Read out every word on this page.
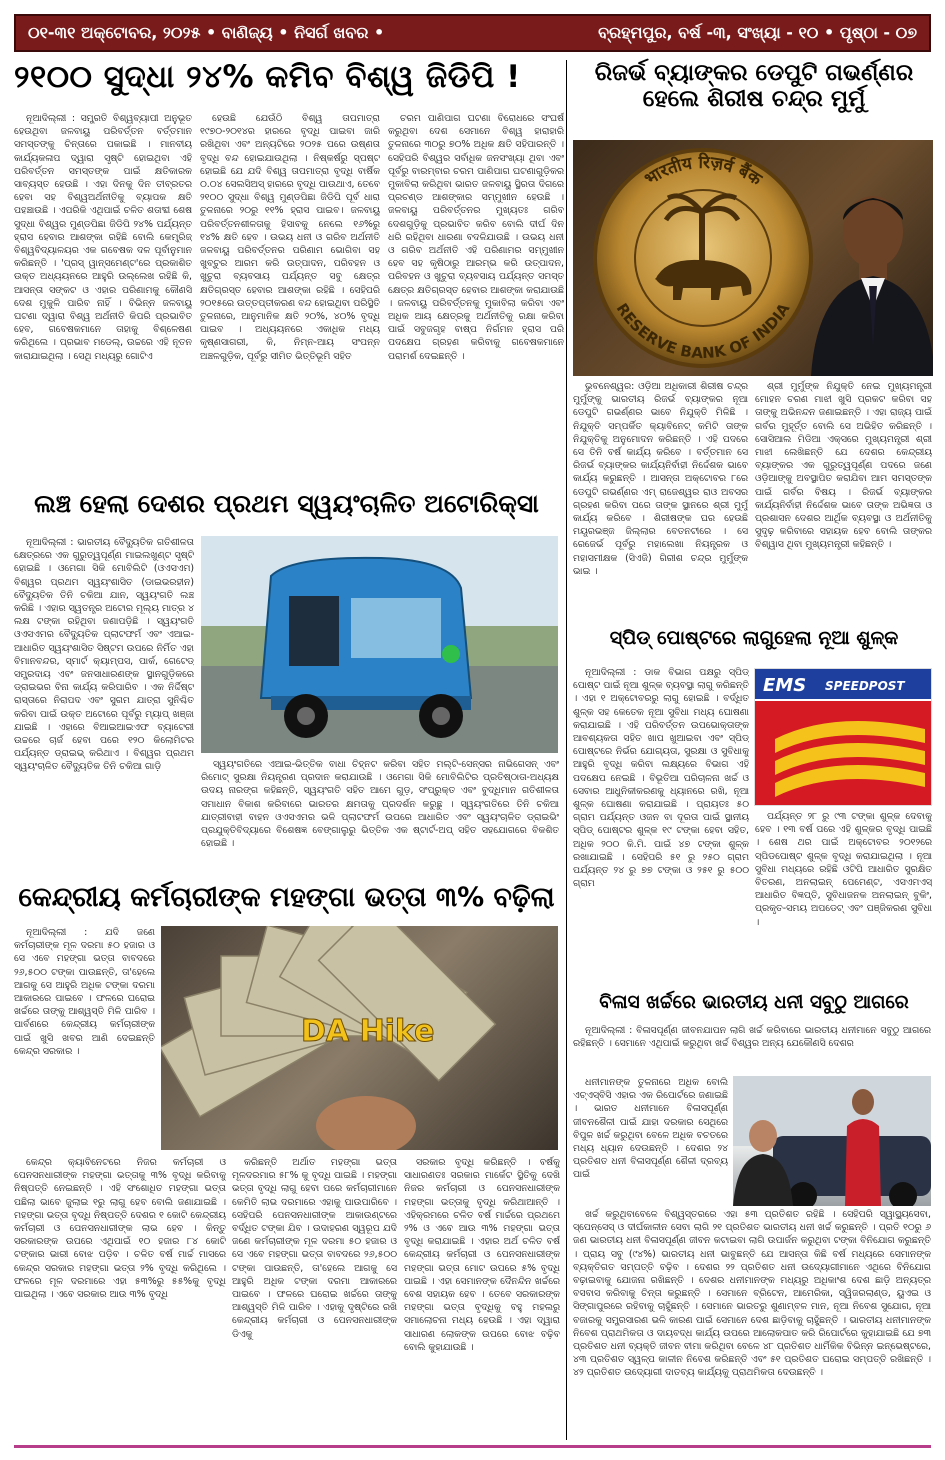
୦୧-୩୧ ଅକ୍ଟୋବର, ୨୦୨୫ • ବାଣିଜ୍ୟ • ନିସର୍ଗ ଖବର •	ବ୍ରହ୍ମପୁର, ବର୍ଷ -୩, ସଂଖ୍ୟା - ୧୦ • ପୃଷ୍ଠା - ୦୭
୨୧୦୦ ସୁଦ୍ଧା ୨୪% କମିବ ବିଶ୍ୱ ଜିଡିପି !

ନୂଆଦିଲ୍ଲୀ : ସମ୍ପ୍ରତି ବିଶ୍ୱବ୍ୟାପୀ ଅନୁଭୂତ ହେଉଥିବା ଜଳବାୟୁ ପରିବର୍ତ୍ତନ ବର୍ତ୍ତମାନ ସମସ୍ତଙ୍କୁ ଚିନ୍ତାରେ ପକାଇଛି । ମାନବୀୟ କାର୍ଯ୍ୟକଳାପ ଦ୍ୱାରା ସୃଷ୍ଟି ହୋଇଥିବା ଏହି ପରିବର୍ତ୍ତନ ସମସ୍ତଙ୍କ ପାଇଁ କ୍ଷତିକାରକ ସାବ୍ୟସ୍ତ ହେଉଛି । ଏହା ଦିନକୁ ଦିନ ତୀବ୍ରତର ହେବା ସହ ବିଶ୍ୱଅର୍ଥନୀତିକୁ ବ୍ୟାପକ କ୍ଷତି ପହଞ୍ଚାଉଛି । ଏପରିକି ଏଥିପାଇଁ ଚଳିତ ଶତାବ୍ଦୀ ଶେଷ ସୁଦ୍ଧା ବିଶ୍ୱର ମୁଣ୍ଡପିଛା ଜିଡିପି ୨୪% ପର୍ଯ୍ୟନ୍ତ ହ୍ରାସ ହେବାର ଆଶଙ୍କା ରହିଛି ବୋଲି କେମ୍ବ୍ରିଜ୍ ବିଶ୍ୱବିଦ୍ୟାଳୟର ଏକ ଗବେଷକ ଦଳ ପୂର୍ବାନୁମାନ କରିଛନ୍ତି । 'ପ୍ରସ୍ ୱାନ୍ସମେଣ୍ଟ'ରେ ପ୍ରକାଶିତ ଉକ୍ତ ଅଧ୍ୟୟନରେ ଆହୁରି ଉଲ୍ଲେଖ ରହିଛି କି, ଆସନ୍ତା ସଙ୍କଟ ଓ ଏହାର ପରିଣାମକୁ କୌଣସି ଦେଶ ମୁକୁଳି ପାରିବ ନାହିଁ । ବିଭିନ୍ନ ଜଳବାୟୁ ଘଟଣା ଦ୍ୱାରା ବିଶ୍ୱ ଅର୍ଥନୀତି କିପରି ପ୍ରଭାବିତ ହେବ, ଗବେଷକମାନେ ତାହାକୁ ବିଶ୍ଳେଷଣ କରିଥିଲେ । ପ୍ରଭାବ ମଡେଲ୍, ଉଚ୍ଚରେ ଏହି ନୂତନ କାରାଯାଇଥିଲା । ସେଥି ମଧ୍ୟରୁ ଗୋଟିଏ

ହେଉଛି ଯେଉଁଠି ବିଶ୍ୱ ତାପମାତ୍ରା ୧୯୭୦-୨୦୧୪ର ହାରରେ ବୃଦ୍ଧି ପାଇବା ଜାରି ରଖିଥିବା ଏବଂ ଅନ୍ୟଟିରେ ୨୦୨୫ ପରେ ଉଷ୍ଣତା ବୃଦ୍ଧି ବନ୍ଦ ହୋଇଯାଉଥିଲା । ନିଷ୍କର୍ଷରୁ ସ୍ପଷ୍ଟ ହୋଇଛି ଯେ ଯଦି ବିଶ୍ୱ ତାପମାତ୍ରା ବୃଦ୍ଧି ବାର୍ଷିକ ୦.୦୪ ସେଲସିଅସ୍ ହାରରେ ବୃଦ୍ଧି ପାଉଥାଏ, ତେବେ ୨୧୦୦ ସୁଦ୍ଧା ବିଶ୍ୱ ମୁଣ୍ଡପିଛା ଜିଡିପି ପୂର୍ବ ଧାରା ତୁଳନାରେ ୨୦ରୁ ୧୧% ହ୍ରାସ ପାଇବ। ଜଳବାୟୁ ପରିବର୍ତ୍ତନଶୀଳତାକୁ ହିସାବକୁ ନେଲେ ୧୬%ରୁ ୧୪% କ୍ଷତି ହେବ । ଉଭୟ ଧନୀ ଓ ଗରିବ ଅର୍ଥନୀତି ଜଳବାୟୁ ପରିବର୍ତ୍ତନର ପରିଣାମ ଭୋଗିବା ସହ ଖୁବ୍ଚୁର ଆରମ କରି ଉତ୍ପାଦନ, ପରିବହନ ଓ ଖୁଚୁରା ବ୍ୟବସାୟ ପର୍ଯ୍ୟନ୍ତ ସବୁ କ୍ଷେତ୍ର କ୍ଷତିଗ୍ରସ୍ତ ହେବାର ଆଶଙ୍କା ରହିଛି । ସେହିପରି ୨୦୧୫ରେ ଉତ୍ତପ୍ତୀକରଣ ବନ୍ଦ ହୋଇଥିବା ପରିସ୍ଥିତି ତୁଳନାରେ, ଆନୁମାନିକ କ୍ଷତି ୨୦%, ୪୦% ବୃଦ୍ଧି ପାଇବ । ଅଧ୍ୟୟନରେ ଏକାଧିକ ମଧ୍ୟ କୃଷ୍ଣସାଗରୀ, କି, ନିମ୍ନ-ଆୟ ସଂପନ୍ନ ଅଞ୍ଚଳଗୁଡ଼ିକ, ପୂର୍ବରୁ ସୀମିତ ଭିତ୍ତିଭୂମି ସହିତ

ଚରମ ପାଣିପାଗ ଘଟଣା ବିରୋଧରେ ସଂଘର୍ଷ କରୁଥିବା ଦେଶ ସେମାନେ ବିଶ୍ୱ ହାରାହାରି ତୁଳନାରେ ୩୦ରୁ ୭୦% ଅଧିକ କ୍ଷତି ସହିପାରନ୍ତି । ସେହିପରି ବିଶ୍ୱର ସର୍ବାଧିକ ଜନସଂଖ୍ୟା ଥିବା ଏବଂ ପୂର୍ବରୁ ବାରମ୍ବାର ଚରମ ପାଣିପାଗ ଘଟଣାଗୁଡ଼ିକର ମୁକାବିଲା କରିଥିବା ଭାରତ ଜଳବାୟୁ ସ୍ଥିରତା ଦିଗରେ ପ୍ରଚଣ୍ଡ ଆଶଙ୍କାର ସମ୍ମୁଖୀନ ହେଉଛି । ଜଳବାୟୁ ପରିବର୍ତ୍ତନର ମୁଖ୍ୟତଃ ଗରିବ ଦେଶଗୁଡ଼ିକୁ ପ୍ରଭାବିତ କରିବ ବୋଲି ଦୀର୍ଘ ଦିନ ଧରି ରହିଥିବା ଧାରଣା ବଦଳିଯାଉଛି । ଉଭୟ ଧନୀ ଓ ଗରିବ ଅର୍ଥନୀତି ଏହି ପରିଣାମର ସମ୍ମୁଖୀନ ହେବ ସହ କୃଷିଠାରୁ ଆରମ୍ଭ କରି ଉତ୍ପାଦନ, ପରିବହନ ଓ ଖୁଚୁରା ବ୍ୟବସାୟ ପର୍ଯ୍ୟନ୍ତ ସମସ୍ତ କ୍ଷେତ୍ର କ୍ଷତିଗ୍ରସ୍ତ ହେବାର ଆଶଙ୍କା କରାଯାଉଛି । ଜଳବାୟୁ ପରିବର୍ତ୍ତନକୁ ମୁକାବିଲା କରିବା ଏବଂ ଅଧିକ ଆୟ କ୍ଷେତ୍ରକୁ ଅର୍ଥନୀତିକୁ ରକ୍ଷା କରିବା ପାଇଁ ସବୁଜଗୃହ ବାଷ୍ପ ନିର୍ଗମନ ହ୍ରାସ ପରି ପଦକ୍ଷେପ ଗ୍ରହଣ କରିବାକୁ ଗବେଷକମାନେ ପରାମର୍ଶ ଦେଇଛନ୍ତି ।

ରିଜର୍ଭ ବ୍ୟାଙ୍କର ଡେପୁଟି ଗଭର୍ଣ୍ଣର ହେଲେ ଶିରୀଷ ଚନ୍ଦ୍ର ମୁର୍ମୁ
भारतीय रिज़र्व बैंक
RESERVE BANK OF INDIA

ଭୁବନେଶ୍ୱର: ଓଡ଼ିଆ ଅଧିକାରୀ ଶିରୀଷ ଚନ୍ଦ୍ର ମୁର୍ମୁଙ୍କୁ ଭାରତୀୟ ରିଜର୍ଭ ବ୍ୟାଙ୍କର ନୂଆ ଡେପୁଟି ଗଭର୍ଣ୍ଣର ଭାବେ ନିଯୁକ୍ତି ମିଳିଛି । ନିଯୁକ୍ତି ସମ୍ପର୍କିତ କ୍ୟାବିନେଟ୍ କମିଟି ତାଙ୍କ ନିଯୁକ୍ତିକୁ ଅନୁମୋଦନ କରିଛନ୍ତି । ଏହି ପଦରେ ସେ ତିନି ବର୍ଷ କାର୍ଯ୍ୟ କରିବେ । ବର୍ତ୍ତମାନ ସେ ରିଜର୍ଭ ବ୍ୟାଙ୍କର କାର୍ଯ୍ୟନିର୍ବାହୀ ନିର୍ଦ୍ଦେଶକ ଭାବେ କାର୍ଯ୍ୟ କରୁଛନ୍ତି । ଆସନ୍ତା ଅକ୍ଟୋବର ୮ରେ ଡେପୁଟି ଗଭର୍ଣ୍ଣର ଏମ୍ ରାଜେଶ୍ୱର ରାଓ ଅବସର ଗ୍ରହଣ କରିବା ପରେ ତାଙ୍କ ସ୍ଥାନରେ ଶ୍ରୀ ମୁର୍ମୁ କାର୍ଯ୍ୟ କରିବେ । ଶିରୀଷଙ୍କ ଘର ହେଉଛି ମୟୂରଭଞ୍ଜ ଜିଲ୍ଲାର ବେତନଟୀରେ । ସେ ରେଜେର୍ଭ ପୂର୍ବରୁ ମହାଲେଖା ନିୟନ୍ତ୍ରକ ଓ ମହାସମୀକ୍ଷକ (ସିଏଜି) ଗିରୀଶ ଚନ୍ଦ୍ର ମୁର୍ମୁଙ୍କ ଭାଇ ।

ଶ୍ରୀ ମୁର୍ମୁଙ୍କ ନିଯୁକ୍ତି ନେଇ ମୁଖ୍ୟମନ୍ତ୍ରୀ ମୋହନ ଚରଣ ମାଝୀ ଖୁସି ପ୍ରକଟ କରିବା ସହ ତାଙ୍କୁ ଅଭିନନ୍ଦନ ଜଣାଇଛନ୍ତି । ଏହା ରାଜ୍ୟ ପାଇଁ ଗର୍ବର ମୁହୂର୍ତ୍ତ ବୋଲି ସେ ଅଭିହିତ କରିଛନ୍ତି । ସୋସିଆଲ ମିଡିଆ ଏକ୍ସରେ ମୁଖ୍ୟମନ୍ତ୍ରୀ ଶ୍ରୀ ମାଝୀ ଲେଖିଛନ୍ତି ଯେ ଦେଶର କେନ୍ଦ୍ରୀୟ ବ୍ୟାଙ୍କର ଏକ ଗୁରୁତ୍ୱପୂର୍ଣ୍ଣ ପଦରେ ଜଣେ ଓଡ଼ିଆଙ୍କୁ ଅବସ୍ଥାପିତ କରାଯିବା ଆମ ସମସ୍ତଙ୍କ ପାଇଁ ଗର୍ବର ବିଷୟ । ରିଜର୍ଭ ବ୍ୟାଙ୍କର କାର୍ଯ୍ୟନିର୍ବାହୀ ନିର୍ଦ୍ଦେଶକ ଭାବେ ତାଙ୍କ ଅଭିଜ୍ଞତା ଓ ପ୍ରଶାସନ ଦେଶର ଆର୍ଥିକ ବ୍ୟବସ୍ଥା ଓ ଅର୍ଥନୀତିକୁ ସୁଦୃଢ଼ କରିବାରେ ସହାୟକ ହେବ ବୋଲି ତାଙ୍କର ବିଶ୍ୱାସ ଥିବା ମୁଖ୍ୟମନ୍ତ୍ରୀ କହିଛନ୍ତି ।

ଲଞ୍ଚ ହେଲା ଦେଶର ପ୍ରଥମ ସ୍ୱୟଂଚାଳିତ ଅଟୋରିକ୍ସା

ନୂଆଦିଲ୍ଲୀ : ଭାରତୀୟ ବୈଦ୍ୟୁତିକ ଗତିଶୀଳତା କ୍ଷେତ୍ରରେ ଏକ ଗୁରୁତ୍ୱପୂର୍ଣ୍ଣ ମାଇଲଖୁଣ୍ଟ ସୃଷ୍ଟି ହୋଇଛି । ଓମେଗା ସିକି ମୋବିଲିଟି (ଓଏସଏମ) ବିଶ୍ୱର ପ୍ରଥମ ସ୍ୱୟଂଶାସିତ (ଡାଇଭରହୀନ) ବୈଦ୍ୟୁତିକ ତିନି ଚକିଆ ଯାନ, ସ୍ୱୟଂଗତି ଲଞ୍ଚ କରିଛି । ଏହାର ସ୍ୱତନ୍ତ୍ର ଅଟୋର ମୂଲ୍ୟ ମାତ୍ର ୪ ଲକ୍ଷ ଟଙ୍କା ରହିଥିବା ଜଣାପଡ଼ିଛି । ସ୍ୱୟଂଗତି ଓଏସଏମର ବୈଦ୍ୟୁତିକ ପ୍ଲାଟଫର୍ମ ଏବଂ ଏଆଇ-ଆଧାରିତ ସ୍ୱୟଂଶାସିତ ସିଷ୍ଟମ ଉପରେ ନିର୍ମିତ ଏହା ବିମାନବନ୍ଦର, ସ୍ମାର୍ଟ କ୍ୟାମ୍ପସ, ପାର୍କ, ଗେଟେଡ୍ ସମ୍ପ୍ରଦାୟ ଏବଂ ଜନସାଧାରଣଙ୍କ ସ୍ଥାନଗୁଡ଼ିକରେ ଡ୍ରାଇଭର ବିନା କାର୍ଯ୍ୟ କରିପାରିବ । ଏକ ନିର୍ଦ୍ଦିଷ୍ଟ ରାସ୍ତାରେ ନିରାପଦ ଏବଂ ସୁଗମ ଯାତ୍ରା ସୁନିଶ୍ଚିତ କରିବା ପାଇଁ ଉକ୍ତ ଅଟୋରେ ପୂର୍ବରୁ ମ୍ୟାପ୍ ଖଞ୍ଜା ଯାଇଛି । ଏହାରେ ବିଆଇଆଇଏଫ ବ୍ୟାଟେରୀ ଉଚ୍ଚରେ ଚାର୍ଜ ହେବା ପରେ ୧୨୦ କିଲୋମିଟର ପର୍ଯ୍ୟନ୍ତ ଡ୍ରାଇଭ୍ କରିଥାଏ । ବିଶ୍ୱର ପ୍ରଥମ ସ୍ୱୟଂଚାଳିତ ବୈଦ୍ୟୁତିକ ତିନି ଚକିଆ ଗାଡ଼ି	ସ୍ୱୟଂଗତିରେ ଏଆଇ-ଭିତ୍ତିକ ବାଧା ଚିହ୍ନଟ କରିବା ସହିତ ମଲ୍ଟି-ସେନ୍ସର ନାଭିଗେସନ୍ ଏବଂ ରିମୋଟ୍ ସୁରକ୍ଷା ନିୟନ୍ତ୍ରଣ ପ୍ରଦାନ କରାଯାଉଛି । ଓମେଗା ସିକି ମୋବିଲିଟିର ପ୍ରତିଷ୍ଠାତା-ଅଧ୍ୟକ୍ଷ ଉଦୟ ନାରଙ୍ଗ କହିଛନ୍ତି, ସ୍ୱୟଂଗତି ସହିତ ଆମେ ଗୁଡ଼, ସଂପ୍ରୁକ୍ତ ଏବଂ ବୁଦ୍ଧିମାନ ଗତିଶୀଳତା ସମାଧାନ ବିକାଶ କରିବାରେ ଭାରତର କ୍ଷମତାକୁ ପ୍ରଦର୍ଶନ କରୁଛୁ । ସ୍ୱୟଂଗତିରେ ତିନି ଚକିଆ ଯାତ୍ରୀବାହୀ ବାହନ ଓଏସଏମର ଭଳି ପ୍ଲାଟଫର୍ମ ଉପରେ ଆଧାରିତ ଏବଂ ସ୍ୱୟଂଚାଳିତ ଡ୍ରାଇଭିଂ ପ୍ରଯୁକ୍ତିବିଦ୍ୟାରେ ବିଶେଷଜ୍ଞ ବେଙ୍ଗାଲୁରୁ ଭିତ୍ତିକ ଏକ ଷ୍ଟାର୍ଟ-ଅପ୍ ସହିତ ସହଯୋଗରେ ବିକଶିତ ହୋଇଛି ।

କେନ୍ଦ୍ରୀୟ କର୍ମଚାରୀଙ୍କ ମହଙ୍ଗା ଭତ୍ତା ୩% ବଢ଼ିଲା

ନୂଆଦିଲ୍ଲୀ : ଯଦି ଜଣେ କର୍ମଚାରୀଙ୍କ ମୂଳ ଦରମା ୫୦ ହଜାର ଓ ସେ ଏବେ ମହଙ୍ଗା ଭତ୍ତା ବାବଦରେ ୨୬,୫୦୦ ଟଙ୍କା ପାଉଛନ୍ତି, ତା'ହେଲେ ଆଗକୁ ସେ ଆହୁରି ଅଧିକ ଟଙ୍କା ଦରମା ଆକାରରେ ପାଇବେ । ଫଳରେ ଘରୋଇ ଖର୍ଚ୍ଚରେ ତାଙ୍କୁ ଆଶ୍ୱସ୍ତି ମିଳି ପାରିବ । ପାର୍ବଣରେ କେନ୍ଦ୍ରୀୟ କର୍ମଚାରୀଙ୍କ ପାଇଁ ଖୁସି ଖବର ଆଣି ଦେଇଛନ୍ତି କେନ୍ଦ୍ର ସରକାର ।

DA Hike

କେନ୍ଦ୍ର କ୍ୟାବିନେଟରେ ନିଜର କର୍ମଚାରୀ ଓ ପେନସନଧାରୀଙ୍କ ମହଙ୍ଗା ଭତ୍ତାକୁ ୩% ବୃଦ୍ଧି କରିବାକୁ ନିଷ୍ପତ୍ତି ନେଇଛନ୍ତି । ଏହି ସଂଶୋଧିତ ମହଙ୍ଗା ଭତ୍ତା ପଛିଲା ଭାବେ ଜୁଲାଇ ୧ରୁ ଲାଗୁ ହେବ ବୋଲି ଜଣାଯାଇଛି । ମହଙ୍ଗା ଭତ୍ତା ବୃଦ୍ଧି ନିଷ୍ପତ୍ତି ଦେଶର ୧ କୋଟି କେନ୍ଦ୍ରୀୟ କର୍ମଚାରୀ ଓ ପେନସନଧାରୀଙ୍କ ଲାଭ ହେବ । କିନ୍ତୁ ସରକାରଙ୍କ ଉପରେ ଏଥିପାଇଁ ୧୦ ହଜାର ୮୪ କୋଟି ଟଙ୍କାର ଭାରୀ ବୋଝ ପଡ଼ିବ । ଚଳିତ ବର୍ଷ ମାର୍ଚ୍ଚ ମାସରେ କେନ୍ଦ୍ର ସରକାର ମହଙ୍ଗା ଭତ୍ତା ୨% ବୃଦ୍ଧି କରିଥିଲେ । ଫଳରେ ମୂଳ ଦରମାରେ ଏହା ୫୩%ରୁ ୫୫%କୁ ବୃଦ୍ଧି ପାଇଥିଲା । ଏବେ ସରକାର ଆଉ ୩% ବୃଦ୍ଧି

କରିଛନ୍ତି ଅର୍ଥାତ ମହଙ୍ଗା ଭତ୍ତା ମୂଳଦରମାର ୫୮% କୁ ବୃଦ୍ଧି ପାଇଛି । ମହଙ୍ଗା ଭତ୍ତା ବୃଦ୍ଧି ଲାଗୁ ହେବା ପରେ କର୍ମଚାରୀମାନେ କେମିତି ଲାଭ ଦରମାରେ ଏହାକୁ ପାଉପାରିବେ । ସେହିପରି ପେନସନଧାରୀଙ୍କ ଆକାଉଣ୍ଟରେ ବର୍ଦ୍ଧିତ ଟଙ୍କା ଯିବ । ଉଦାହରଣ ସ୍ୱରୂପ ଯଦି ଜଣେ କର୍ମଚାରୀଙ୍କ ମୂଳ ଦରମା ୫୦ ହଜାର ଓ ସେ ଏବେ ମହଙ୍ଗା ଭତ୍ତା ବାବଦରେ ୨୬,୫୦୦ ଟଙ୍କା ପାଉଛନ୍ତି, ତା'ହେଲେ ଆଗକୁ ସେ ଆହୁରି ଅଧିକ ଟଙ୍କା ଦରମା ଆକାରରେ ପାଇବେ । ଫଳରେ ଘରୋଇ ଖର୍ଚ୍ଚରେ ତାଙ୍କୁ ଆଶ୍ୱସ୍ତି ମିଳି ପାରିବ । ଏହାକୁ ଦୃଷ୍ଟିରେ ରଖି କେନ୍ଦ୍ରୀୟ କର୍ମଚାରୀ ଓ ପେନସନଧାରୀଙ୍କ ଡିଏକୁ

ସରକାର ବୃଦ୍ଧି କରିଛନ୍ତି । ବର୍ଷକୁ ସାଧାରଣତଃ ସରକାର ମାର୍କେଟ ସ୍ଥିତିକୁ ଦେଖି ନିଜର କର୍ମଚାରୀ ଓ ପେନସନଧାରୀଙ୍କ ମହଙ୍ଗା ଭତ୍ତାକୁ ବୃଦ୍ଧି କରିଥାଆନ୍ତି । ଏହିକ୍ରମରେ ଚଳିତ ବର୍ଷ ମାର୍ଚ୍ଚରେ ପ୍ରଥମେ ୨% ଓ ଏବେ ଆଉ ୩% ମହଙ୍ଗା ଭତ୍ତା ବୃଦ୍ଧି କରାଯାଇଛି । ଏହାର ଅର୍ଥ ଚଳିତ ବର୍ଷ କେନ୍ଦ୍ରୀୟ କର୍ମଚାରୀ ଓ ପେନସନଧାରୀଙ୍କ ମହଙ୍ଗା ଭତ୍ତା ମୋଟ ଉପରେ ୫% ବୃଦ୍ଧି ପାଇଛି । ଏହା ସେମାନଙ୍କ ଦୈନନ୍ଦିନ ଖର୍ଚ୍ଚରେ ବେଶ ସହାୟକ ହେବ । ତେବେ ସରକାରଙ୍କ ମହଙ୍ଗା ଭତ୍ତା ବୃଦ୍ଧିକୁ ବହୁ ମହଲରୁ ସମାଲୋଚନା ମଧ୍ୟ ହେଉଛି । ଏହା ଦ୍ୱାରା ସାଧାରଣ ଲୋକଙ୍କ ଉପରେ ବୋଝ ବଢ଼ିବ ବୋଲି କୁହାଯାଉଛି ।

ସ୍ପିଡ୍ ପୋଷ୍ଟରେ ଲାଗୁହେଲା ନୂଆ ଶୁଳ୍କ

ନୂଆଦିଲ୍ଲୀ : ଡାକ ବିଭାଗ ପକ୍ଷରୁ ସ୍ପିଡ୍ ପୋଷ୍ଟ ପାଇଁ ନୂଆ ଶୁଳ୍କ ବ୍ୟବସ୍ଥା ଲାଗୁ କରିଛନ୍ତି । ଏହା ୧ ଅକ୍ଟୋବରରୁ ଲାଗୁ ହୋଇଛି । ବର୍ଦ୍ଧିତ ଶୁଳ୍କ ସହ କେତେକ ନୂଆ ସୁବିଧା ମଧ୍ୟ ଘୋଷଣା କରାଯାଇଛି । ଏହି ପରିବର୍ତ୍ତନ ଉପଭୋକ୍ତାଙ୍କ ଆବଶ୍ୟକତା ସହିତ ଖାପ ଖୁଆଇବା ଏବଂ ସ୍ପିଡ୍ ପୋଷ୍ଟରେ ନିର୍ଭର ଯୋଗ୍ୟତା, ସୁରକ୍ଷା ଓ ସୁବିଧାକୁ ଆହୁରି ବୃଦ୍ଧି କରିବା ଲକ୍ଷ୍ୟରେ ବିଭାଗ ଏହି ପଦକ୍ଷେପ ନେଇଛି । ବିଭୂତିଆ ପରିଚାଳନା ଖର୍ଚ୍ଚ ଓ ସେବାର ଆଧୁନିକୀକରଣକୁ ଧ୍ୟାନରେ ରଖି, ନୂଆ ଶୁଳ୍କ ଘୋଷଣା କରାଯାଇଛି । ପ୍ରାୟତଃ ୫୦ ଗ୍ରାମ ପର୍ଯ୍ୟନ୍ତ ଓଜନ ବା ଦୂରତା ପାଇଁ ସ୍ଥାନୀୟ ସ୍ପିଡ୍ ପୋଷ୍ଟର ଶୁଳ୍କ ୧୯ ଟଙ୍କା ହେବା ସହିତ, ଅଧିକ ୨୦୦ କି.ମି. ପାଇଁ ୪୭ ଟଙ୍କା ଶୁଳ୍କ ରଖାଯାଇଛି । ସେହିପରି ୫୧ ରୁ ୨୫୦ ଗ୍ରାମ ପର୍ଯ୍ୟନ୍ତ ୨୪ ରୁ ୭୭ ଟଙ୍କା ଓ ୨୫୧ ରୁ ୫୦୦ ଗ୍ରାମ

EMS SPEEDPOST

ପର୍ଯ୍ୟନ୍ତ ୨୮ ରୁ ୯୩ ଟଙ୍କା ଶୁଳ୍କ ଦେବାକୁ ହେବ । ୧୩ ବର୍ଷ ପରେ ଏହି ଶୁଳ୍କର ବୃଦ୍ଧି ପାଇଛି । ଶେଷ ଥର ପାଇଁ ଅକ୍ଟୋବର ୨୦୧୨ରେ ସ୍ପିଡପୋଷ୍ଟ ଶୁଳ୍କ ବୃଦ୍ଧି କରାଯାଇଥିଲା । ନୂଆ ସୁବିଧା ମଧ୍ୟରେ ରହିଛି ଓଟିପି ଆଧାରିତ ସୁରକ୍ଷିତ ବିତରଣ, ଅନଲାଇନ୍ ପେମେଣ୍ଟ, ଏସଏମଏସ୍ ଆଧାରିତ ବିଜ୍ଞପ୍ତି, ସୁବିଧାଜନକ ଅନଲାଇନ୍ ବୁକିଂ, ପ୍ରକୃତ-ସମୟ ଅପଡେଟ୍ ଏବଂ ପଞ୍ଜିକରଣ ସୁବିଧା ।

ବିଳାସ ଖର୍ଚ୍ଚରେ ଭାରତୀୟ ଧନୀ ସବୁଠୁ ଆଗରେ

ନୂଆଦିଲ୍ଲୀ : ବିଳାସପୂର୍ଣ୍ଣ ଜୀବନଯାପନ ଲାଗି ଖର୍ଚ୍ଚ କରିବାରେ ଭାରତୀୟ ଧନୀମାନେ ସବୁଠୁ ଆଗରେ ରହିଛନ୍ତି । ସେମାନେ ଏଥିପାଇଁ କରୁଥିବା ଖର୍ଚ୍ଚ ବିଶ୍ୱର ଅନ୍ୟ ଯେକୌଣସି ଦେଶର

ଧନୀମାନଙ୍କ ତୁଳନାରେ ଅଧିକ ବୋଲି ଏଚ୍ଏସ୍ବିସି ଏହାର ଏକ ରିପୋର୍ଟରେ ଜଣାଇଛି । ଭାରତ ଧନୀମାନେ ବିଳାସପୂର୍ଣ୍ଣ ଜୀବନଶୈଳୀ ପାଇଁ ଯାହା ଦରକାର ସେଥିରେ ବିପୁଳ ଖର୍ଚ୍ଚ କରୁଥିବା ବେଳେ ଅଧିକ ବଚତରେ ମଧ୍ୟ ଧ୍ୟାନ ଦେଉଛନ୍ତି । ଦେଶର ୨୪ ପ୍ରତିଶତ ଧନୀ ବିଳାସପୂର୍ଣ୍ଣ ଶୈଳୀ ଦ୍ରବ୍ୟ ପାଇଁ

ଖର୍ଚ୍ଚ କରୁଥିବାବେଳେ ବିଶ୍ୱସ୍ତରରେ ଏହା ୫୩ ପ୍ରତିଶତ ରହିଛି । ସେହିପରି ସ୍ୱାସ୍ଥ୍ୟସେବା, ସ୍ପେନ୍ସେସ୍ ଓ ଦୀର୍ଘକାଳୀନ ସେବା ଲାଗି ୨୧ ପ୍ରତିଶତ ଭାରତୀୟ ଧନୀ ଖର୍ଚ୍ଚ କରୁଛନ୍ତି । ପ୍ରତି ୧୦ରୁ ୬ ଜଣ ଭାରତୀୟ ଧନୀ ବିଳାସପୂର୍ଣ୍ଣ ଜୀବନ କଟାଇବା ଲାଗି ଉପାର୍ଜନ କରୁଥିବା ଟଙ୍କା ବିନିଯୋଗ କରୁଛନ୍ତି । ପ୍ରାୟ ସବୁ (୯୪%) ଭାରତୀୟ ଧନୀ ଭାବୁଛନ୍ତି ଯେ ଆସନ୍ତା କିଛି ବର୍ଷ ମଧ୍ୟରେ ସେମାନଙ୍କ ବ୍ୟକ୍ତିଗତ ସମ୍ପତ୍ତି ବଢ଼ିବ । ଦେଶର ୨୨ ପ୍ରତିଶତ ଧନୀ ଉଦ୍ୟୋଗୀମାନେ ଏଥିରେ ବିନିଯୋଗ ବଢ଼ାଇବାକୁ ଯୋଜନା ରଖିଛନ୍ତି । ଦେଶର ଧନୀମାନଙ୍କ ମଧ୍ୟରୁ ଅଧିକାଂଶ ଦେଶ ଛାଡ଼ି ଅନ୍ୟତ୍ର ବସବାସ କରିବାକୁ ଚିନ୍ତା କରୁଛନ୍ତି । ସେମାନେ ବ୍ରିଟେନ, ଆମେରିକା, ସ୍ୱିଜରଲାଣ୍ଡ, ୟୁଏଇ ଓ ସିଙ୍ଗାପୁରରେ ରହିବାକୁ ଚାହୁଁଛନ୍ତି । ସେମାନେ ଭାରତରୁ ଶୁଣାମ୍ବଳ ମାନ, ନୂଆ ନିବେଶ ସୁଯୋଗ, ନୂଆ ବଜାରକୁ ସମ୍ପ୍ରସାରଣ ଭଳି କାରଣ ପାଇଁ ସେମାନେ ଦେଶ ଛାଡ଼ିବାକୁ ଚାହୁଁଛନ୍ତି । ଭାରତୀୟ ଧନୀମାନଙ୍କ ନିବେଶ ପ୍ରାଥମିକତା ଓ ଦାୟବଦ୍ଧ କାର୍ଯ୍ୟ ଉପରେ ଆଲୋକପାତ କରି ରିପୋର୍ଟରେ କୁହାଯାଇଛି ଯେ ୭୩ ପ୍ରତିଶତ ଧନୀ ବ୍ୟକ୍ତି ଜୀବନ ବୀମା କରିଥିବା ବେଳେ ୪୮ ପ୍ରତିଶତ ଧାର୍ମିକିକ ବିଭିନ୍ନ ଇନ୍ଭେଷ୍ଟରେ, ୪୩ ପ୍ରତିଶତ ସ୍ୱଳ୍ପ କାଳୀନ ନିବେଶ କରିଛନ୍ତି ଏବଂ ୫୧ ପ୍ରତିଶତ ଘରୋଇ ସମ୍ପତ୍ତି ରଖିଛନ୍ତି । ୪୨ ପ୍ରତିଶତ ଉଦ୍ୟୋଗୀ ଦାତବ୍ୟ କାର୍ଯ୍ୟକୁ ପ୍ରାଥମିକତା ଦେଉଛନ୍ତି ।
